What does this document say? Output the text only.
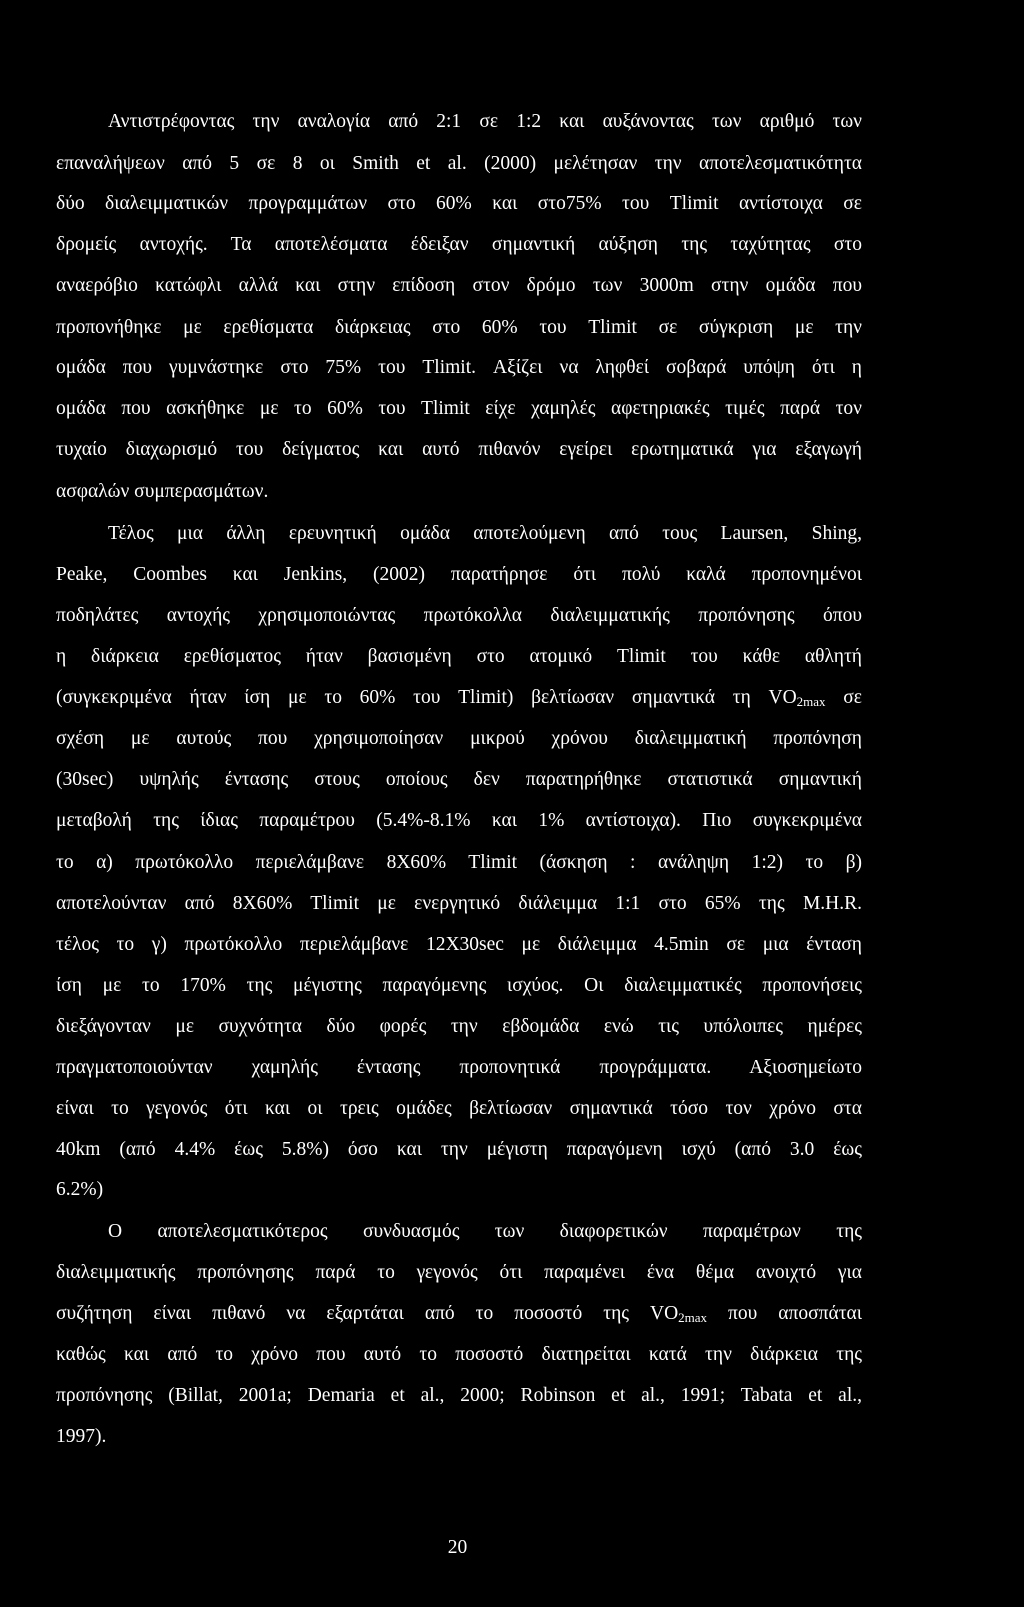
Αντιστρέφοντας την αναλογία από 2:1 σε 1:2 και αυξάνοντας των αριθμό των
επαναλήψεων από 5 σε 8 οι Smith et al. (2000) μελέτησαν την αποτελεσματικότητα
δύο διαλειμματικών προγραμμάτων στο 60% και στο75% του Tlimit αντίστοιχα σε
δρομείς αντοχής. Τα αποτελέσματα έδειξαν σημαντική αύξηση της ταχύτητας στο
αναερόβιο κατώφλι αλλά και στην επίδοση στον δρόμο των 3000m στην ομάδα που
προπονήθηκε με ερεθίσματα διάρκειας στο 60% του Tlimit σε σύγκριση με την
ομάδα που γυμνάστηκε στο 75% του Tlimit. Αξίζει να ληφθεί σοβαρά υπόψη ότι η
ομάδα που ασκήθηκε με το 60% του Tlimit είχε χαμηλές αφετηριακές τιμές παρά τον
τυχαίο διαχωρισμό του δείγματος και αυτό πιθανόν εγείρει ερωτηματικά για εξαγωγή
ασφαλών συμπερασμάτων.
Τέλος μια άλλη ερευνητική ομάδα αποτελούμενη από τους Laursen, Shing,
Peake, Coombes και Jenkins, (2002) παρατήρησε ότι πολύ καλά προπονημένοι
ποδηλάτες αντοχής χρησιμοποιώντας πρωτόκολλα διαλειμματικής προπόνησης όπου
η διάρκεια ερεθίσματος ήταν βασισμένη στο ατομικό Tlimit του κάθε αθλητή
(συγκεκριμένα ήταν ίση με το 60% του Tlimit) βελτίωσαν σημαντικά τη $VO_{2max}$ σε
σχέση με αυτούς που χρησιμοποίησαν μικρού χρόνου διαλειμματική προπόνηση
(30sec) υψηλής έντασης στους οποίους δεν παρατηρήθηκε στατιστικά σημαντική
μεταβολή της ίδιας παραμέτρου (5.4%-8.1% και 1% αντίστοιχα). Πιο συγκεκριμένα
το α) πρωτόκολλο περιελάμβανε 8X60% Tlimit (άσκηση : ανάληψη 1:2) το β)
αποτελούνταν από 8X60% Tlimit με ενεργητικό διάλειμμα 1:1 στο 65% της M.H.R.
τέλος το γ) πρωτόκολλο περιελάμβανε 12X30sec με διάλειμμα 4.5min σε μια ένταση
ίση με το 170% της μέγιστης παραγόμενης ισχύος. Οι διαλειμματικές προπονήσεις
διεξάγονταν με συχνότητα δύο φορές την εβδομάδα ενώ τις υπόλοιπες ημέρες
πραγματοποιούνταν χαμηλής έντασης προπονητικά προγράμματα. Αξιοσημείωτο
είναι το γεγονός ότι και οι τρεις ομάδες βελτίωσαν σημαντικά τόσο τον χρόνο στα
40km (από 4.4% έως 5.8%) όσο και την μέγιστη παραγόμενη ισχύ (από 3.0 έως
6.2%)
Ο αποτελεσματικότερος συνδυασμός των διαφορετικών παραμέτρων της
διαλειμματικής προπόνησης παρά το γεγονός ότι παραμένει ένα θέμα ανοιχτό για
συζήτηση είναι πιθανό να εξαρτάται από το ποσοστό της $VO_{2max}$ που αποσπάται
καθώς και από το χρόνο που αυτό το ποσοστό διατηρείται κατά την διάρκεια της
προπόνησης (Billat, 2001a; Demaria et al., 2000; Robinson et al., 1991; Tabata et al.,
1997).
20
